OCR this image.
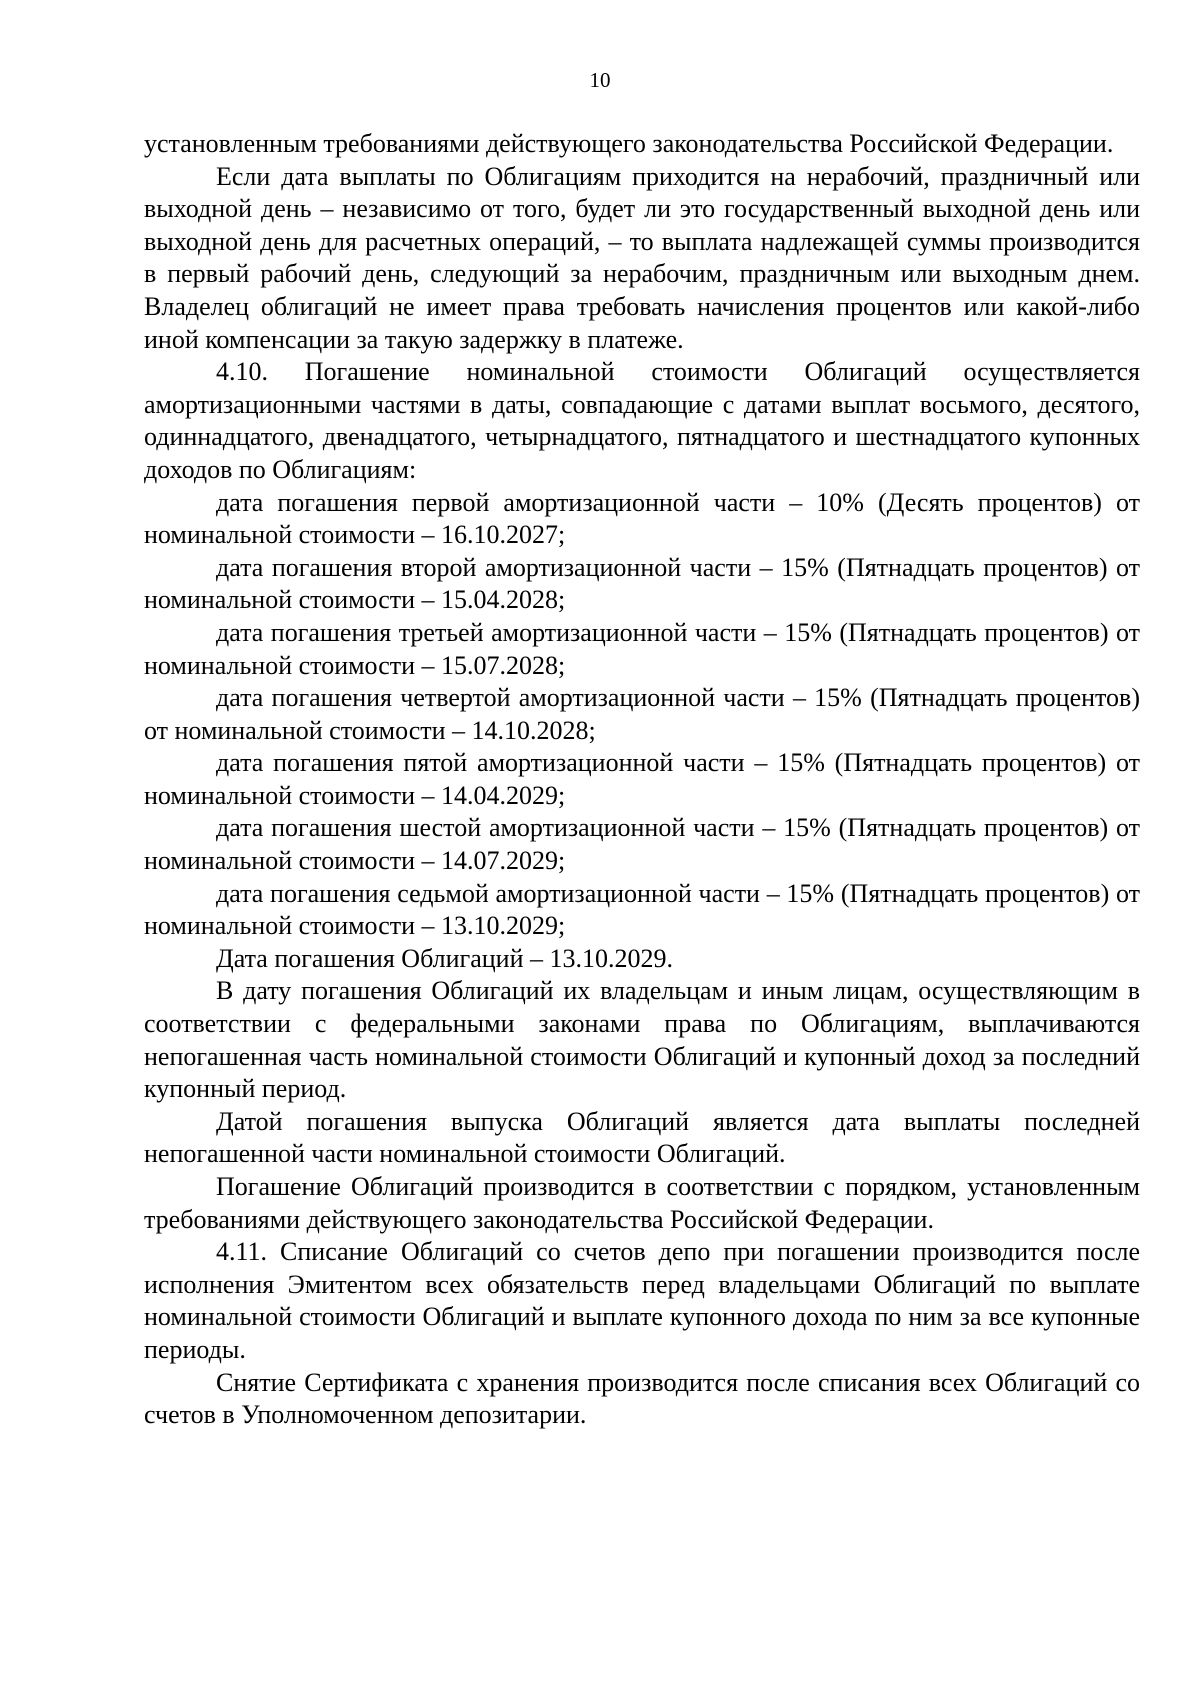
10

установленным требованиями действующего законодательства Российской Федерации.

Если дата выплаты по Облигациям приходится на нерабочий, праздничный или выходной день – независимо от того, будет ли это государственный выходной день или выходной день для расчетных операций, – то выплата надлежащей суммы производится в первый рабочий день, следующий за нерабочим, праздничным или выходным днем. Владелец облигаций не имеет права требовать начисления процентов или какой-либо иной компенсации за такую задержку в платеже.

4.10. Погашение номинальной стоимости Облигаций осуществляется амортизационными частями в даты, совпадающие с датами выплат восьмого, десятого, одиннадцатого, двенадцатого, четырнадцатого, пятнадцатого и шестнадцатого купонных доходов по Облигациям:

дата погашения первой амортизационной части – 10% (Десять процентов) от номинальной стоимости – 16.10.2027;

дата погашения второй амортизационной части – 15% (Пятнадцать процентов) от номинальной стоимости – 15.04.2028;

дата погашения третьей амортизационной части – 15% (Пятнадцать процентов) от номинальной стоимости – 15.07.2028;

дата погашения четвертой амортизационной части – 15% (Пятнадцать процентов) от номинальной стоимости – 14.10.2028;

дата погашения пятой амортизационной части – 15% (Пятнадцать процентов) от номинальной стоимости – 14.04.2029;

дата погашения шестой амортизационной части – 15% (Пятнадцать процентов) от номинальной стоимости – 14.07.2029;

дата погашения седьмой амортизационной части – 15% (Пятнадцать процентов) от номинальной стоимости – 13.10.2029;

Дата погашения Облигаций – 13.10.2029.

В дату погашения Облигаций их владельцам и иным лицам, осуществляющим в соответствии с федеральными законами права по Облигациям, выплачиваются непогашенная часть номинальной стоимости Облигаций и купонный доход за последний купонный период.

Датой погашения выпуска Облигаций является дата выплаты последней непогашенной части номинальной стоимости Облигаций.

Погашение Облигаций производится в соответствии с порядком, установленным требованиями действующего законодательства Российской Федерации.

4.11. Списание Облигаций со счетов депо при погашении производится после исполнения Эмитентом всех обязательств перед владельцами Облигаций по выплате номинальной стоимости Облигаций и выплате купонного дохода по ним за все купонные периоды.

Снятие Сертификата с хранения производится после списания всех Облигаций со счетов в Уполномоченном депозитарии.
